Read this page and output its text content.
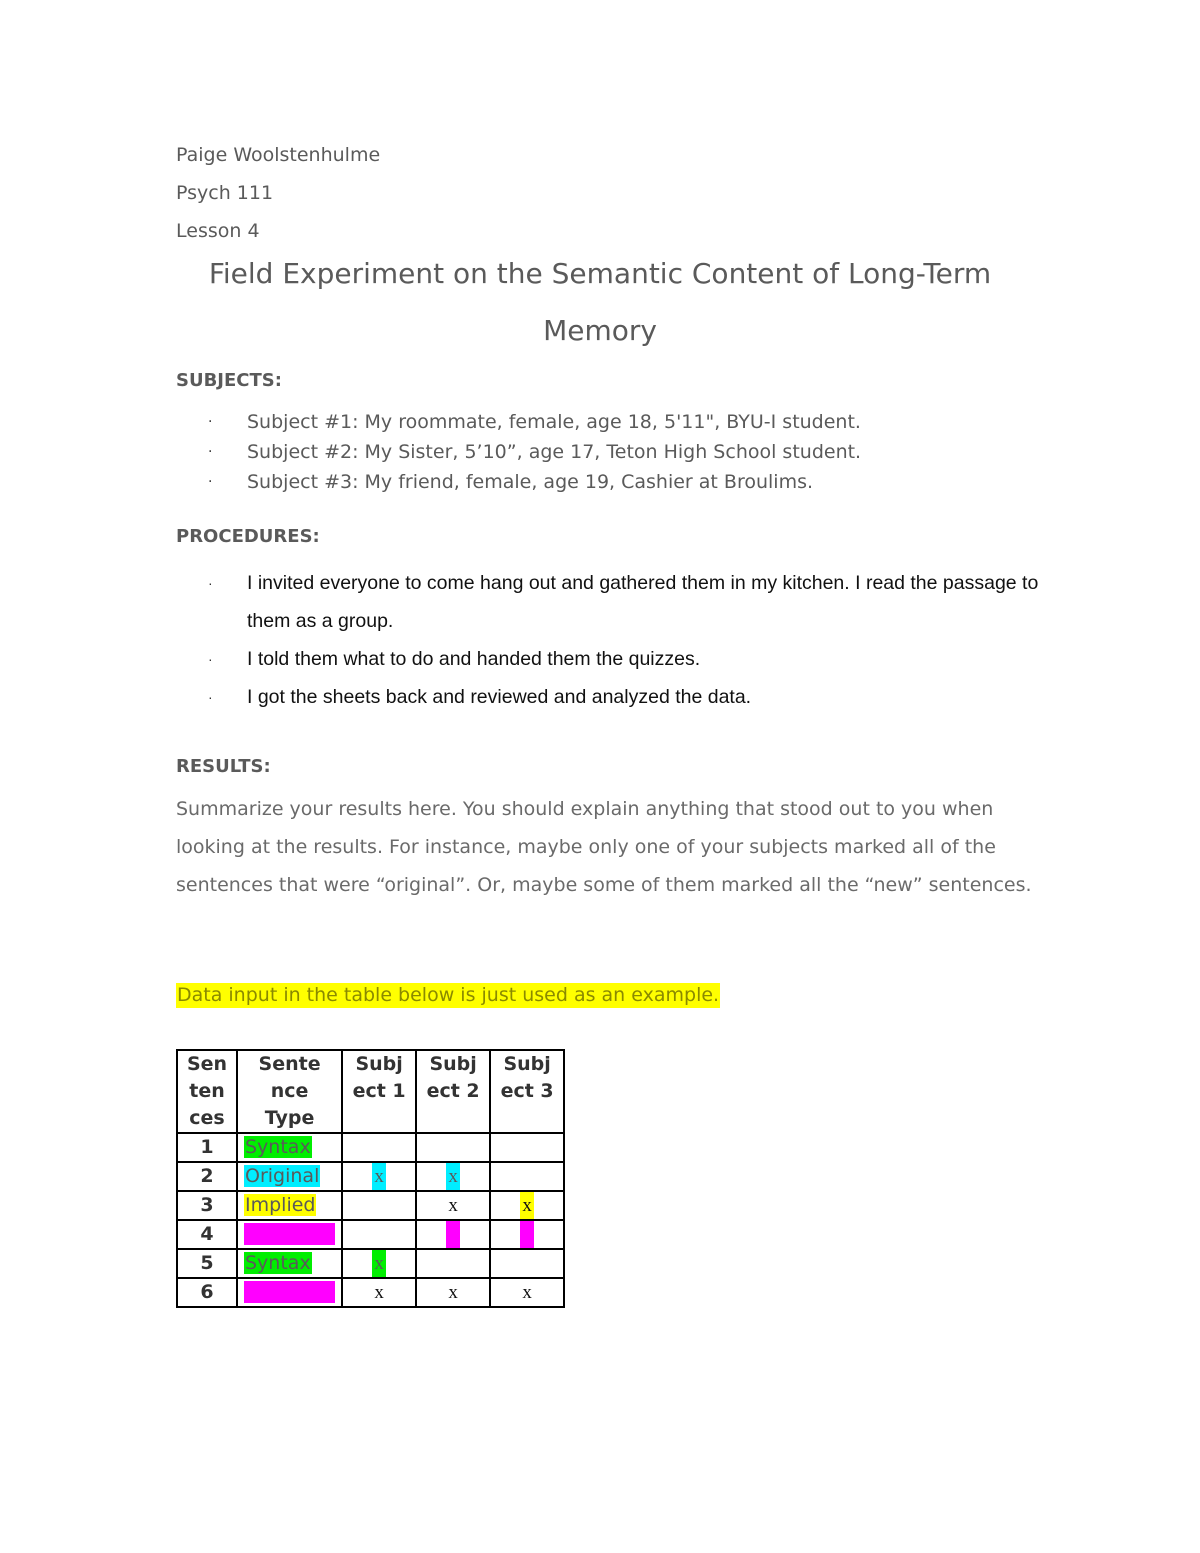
Paige Woolstenhulme
Psych 111
Lesson 4
Field Experiment on the Semantic Content of Long-Term
Memory
SUBJECTS:
· Subject #1: My roommate, female, age 18, 5'11", BYU-I student.
· Subject #2: My Sister, 5’10”, age 17, Teton High School student.
· Subject #3: My friend, female, age 19, Cashier at Broulims.
PROCEDURES:
· I invited everyone to come hang out and gathered them in my kitchen. I read the passage to them as a group.
· I told them what to do and handed them the quizzes.
· I got the sheets back and reviewed and analyzed the data.
RESULTS:
Summarize your results here. You should explain anything that stood out to you when looking at the results. For instance, maybe only one of your subjects marked all of the sentences that were “original”. Or, maybe some of them marked all the “new” sentences.
Data input in the table below is just used as an example.
Sen ten ces	Sente nce Type	Subj ect 1	Subj ect 2	Subj ect 3
1	Syntax			
2	Original	x	x	
3	Implied		x	x
4	Semantic		x	x
5	Syntax	x		
6	Semantic	x	x	x
